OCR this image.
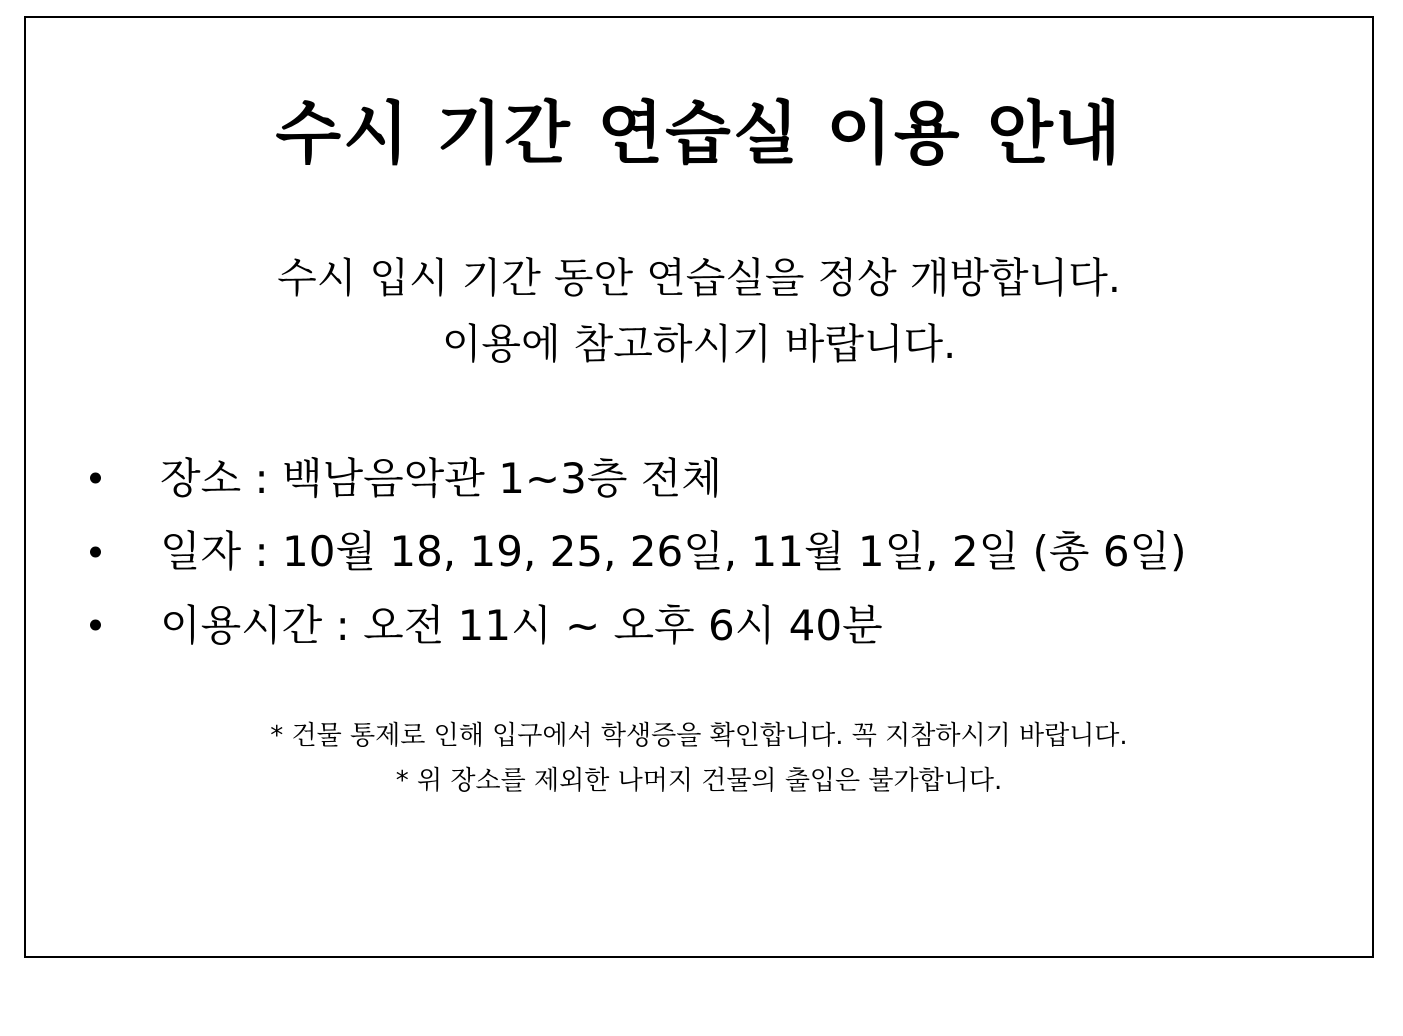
수시 기간 연습실 이용 안내
수시 입시 기간 동안 연습실을 정상 개방합니다.
이용에 참고하시기 바랍니다.
장소 : 백남음악관 1~3층 전체
일자 : 10월 18, 19, 25, 26일, 11월 1일, 2일 (총 6일)
이용시간 : 오전 11시 ~ 오후 6시 40분
* 건물 통제로 인해 입구에서 학생증을 확인합니다. 꼭 지참하시기 바랍니다.
* 위 장소를 제외한 나머지 건물의 출입은 불가합니다.
